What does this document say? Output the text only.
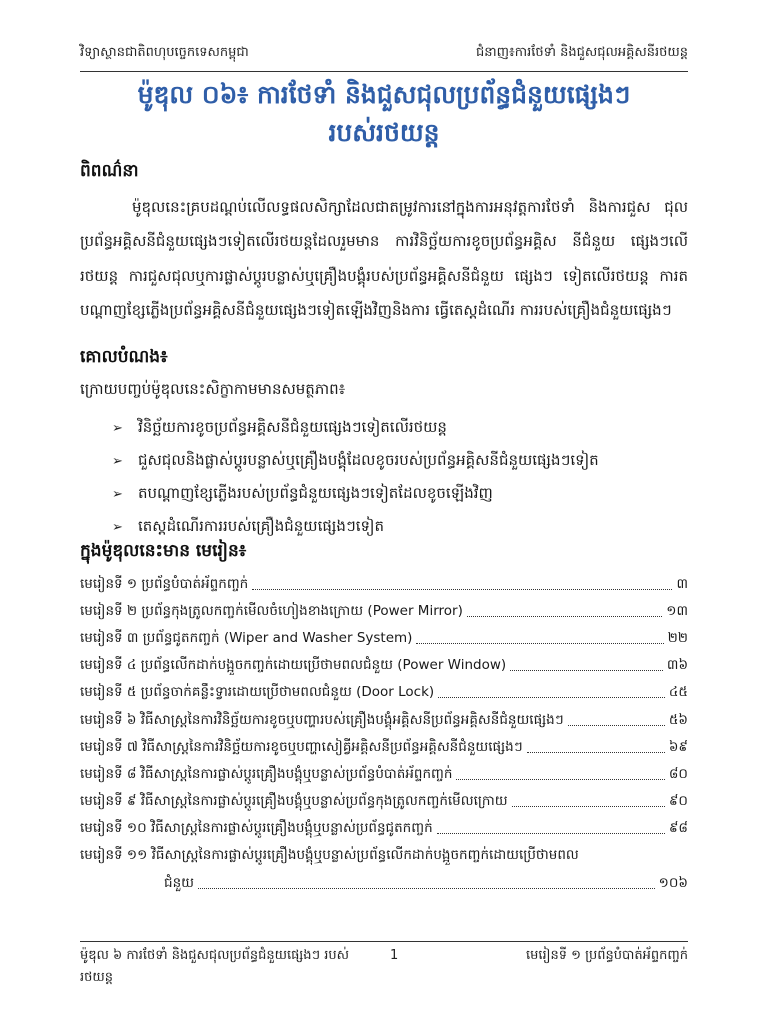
វិទ្យាស្ថានជាតិពហុបច្ចេកទេសកម្ពុជា	ជំនាញ៖ការថែទាំ និងជួសជុលអគ្គិសនីរថយន្ត
ម៉ូឌុល ០៦៖ ការថែទាំ និងជួសជុលប្រព័ន្ធជំនួយផ្សេងៗ
របស់រថយន្ត
ពិពណ៌នា
ម៉ូឌុលនេះគ្របដណ្តប់លើលទ្ធផលសិក្សាដែលជាតម្រូវការនៅក្នុងការអនុវត្តការថែទាំ និងការជួស ជុលប្រព័ន្ធអគ្គិសនីជំនួយផ្សេងៗទៀតលើរថយន្តដែលរួមមាន ការវិនិច្ឆ័យការខូចប្រព័ន្ធអគ្គិស នីជំនួយ ផ្សេងៗលើរថយន្ត ការជួសជុលឬការផ្លាស់ប្តូរបន្លាស់ឬគ្រឿងបង្គុំរបស់ប្រព័ន្ធអគ្គិសនីជំនួយ ផ្សេងៗ ទៀតលើរថយន្ត ការតបណ្តាញខ្សែភ្លើងប្រព័ន្ធអគ្គិសនីជំនួយផ្សេងៗទៀតឡើងវិញនិងការ ធ្វើតេស្តដំណើរ ការរបស់គ្រឿងជំនួយផ្សេងៗ
គោលបំណង៖
ក្រោយបញ្ចប់ម៉ូឌុលនេះសិក្ខាកាមមានសមត្ថភាព៖
➢	វិនិច្ឆ័យការខូចប្រព័ន្ធអគ្គិសនីជំនួយផ្សេងៗទៀតលើរថយន្ត
➢	ជួសជុលនិងផ្លាស់ប្តូរបន្លាស់ឬគ្រឿងបង្គុំដែលខូចរបស់ប្រព័ន្ធអគ្គិសនីជំនួយផ្សេងៗទៀត
➢	តបណ្តាញខ្សែភ្លើងរបស់ប្រព័ន្ធជំនួយផ្សេងៗទៀតដែលខូចឡើងវិញ
➢	តេស្តដំណើរការរបស់គ្រឿងជំនួយផ្សេងៗទៀត
ក្នុងម៉ូឌុលនេះមាន មេរៀន៖
មេរៀនទី ១ ប្រព័ន្ធបំបាត់អ័ព្ទកញ្ចក់	៣
មេរៀនទី ២ ប្រព័ន្ធកុងត្រូលកញ្ចក់មើលចំហៀងខាងក្រោយ (Power Mirror)	១៣
មេរៀនទី ៣ ប្រព័ន្ធជូតកញ្ចក់ (Wiper and Washer System)	២២
មេរៀនទី ៤ ប្រព័ន្ធលើកដាក់បង្អួចកញ្ចក់ដោយប្រើថាមពលជំនួយ (Power Window)	៣៦
មេរៀនទី ៥ ប្រព័ន្ធចាក់គន្លឹះទ្វារដោយប្រើថាមពលជំនួយ (Door Lock)	៤៥
មេរៀនទី ៦ វិធីសាស្ត្រនៃការវិនិច្ឆ័យការខូចឬបញ្ហារបស់គ្រឿងបង្គុំអគ្គិសនីប្រព័ន្ធអគ្គិសនីជំនួយផ្សេងៗ	៥៦
មេរៀនទី ៧ វិធីសាស្ត្រនៃការវិនិច្ឆ័យការខូចឬបញ្ហាសៀគ្វីអគ្គិសនីប្រព័ន្ធអគ្គិសនីជំនួយផ្សេងៗ	៦៩
មេរៀនទី ៨ វិធីសាស្ត្រនៃការផ្លាស់ប្តូរគ្រឿងបង្គុំឬបន្លាស់ប្រព័ន្ធបំបាត់អ័ព្ទកញ្ចក់	៨០
មេរៀនទី ៩ វិធីសាស្ត្រនៃការផ្លាស់ប្តូរគ្រឿងបង្គុំឬបន្លាស់ប្រព័ន្ធកុងត្រូលកញ្ចក់មើលក្រោយ	៩០
មេរៀនទី ១០ វិធីសាស្ត្រនៃការផ្លាស់ប្តូរគ្រឿងបង្គុំឬបន្លាស់ប្រព័ន្ធជូតកញ្ចក់	៩៨
មេរៀនទី ១១ វិធីសាស្ត្រនៃការផ្លាស់ប្តូរគ្រឿងបង្គុំឬបន្លាស់ប្រព័ន្ធលើកដាក់បង្អួចកញ្ចក់ដោយប្រើថាមពល
ជំនួយ	១០៦
ម៉ូឌុល ៦ ការថែទាំ និងជួសជុលប្រព័ន្ធជំនួយផ្សេងៗ របស់រថយន្ត
1	មេរៀនទី ១ ប្រព័ន្ធបំបាត់អ័ព្ទកញ្ចក់
